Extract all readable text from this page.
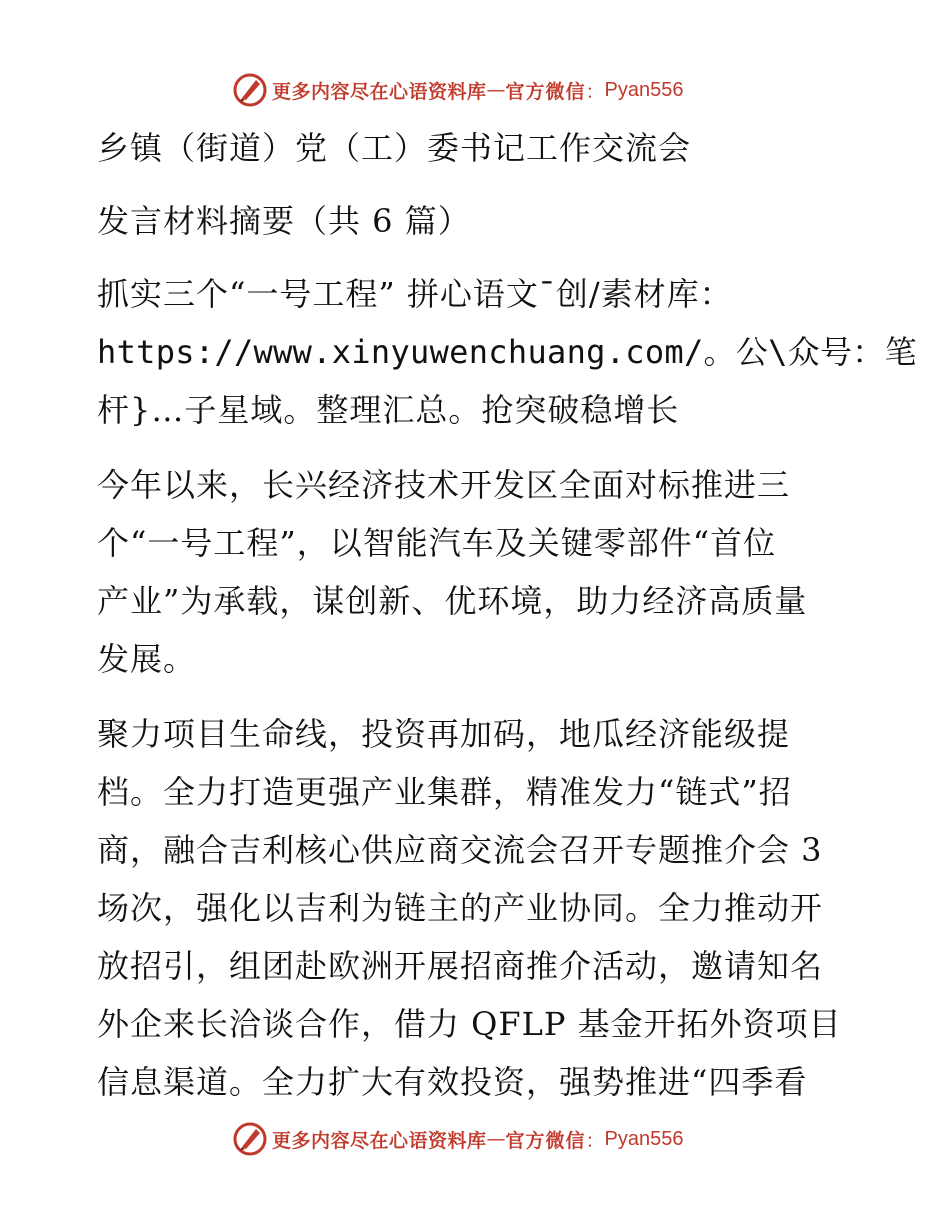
更多内容尽在心语资料库 — 官方微信 ： Pyan556

乡镇（街道）党（工）委书记工作交流会

发言材料摘要（共 6 篇）

抓实三个“一号工程” 拼心语文¯创/素材库：

https://www.xinyuwenchuang.com/。公\众号：笔

杆}…子星域。整理汇总。抢突破稳增长

今年以来，长兴经济技术开发区全面对标推进三

个“一号工程”，以智能汽车及关键零部件“首位

产业”为承载，谋创新、优环境，助力经济高质量

发展。

聚力项目生命线，投资再加码，地瓜经济能级提

档。全力打造更强产业集群，精准发力“链式”招

商，融合吉利核心供应商交流会召开专题推介会 3

场次，强化以吉利为链主的产业协同。全力推动开

放招引，组团赴欧洲开展招商推介活动，邀请知名

外企来长洽谈合作，借力 QFLP 基金开拓外资项目

信息渠道。全力扩大有效投资，强势推进“四季看

更多内容尽在心语资料库 — 官方微信 ： Pyan556
